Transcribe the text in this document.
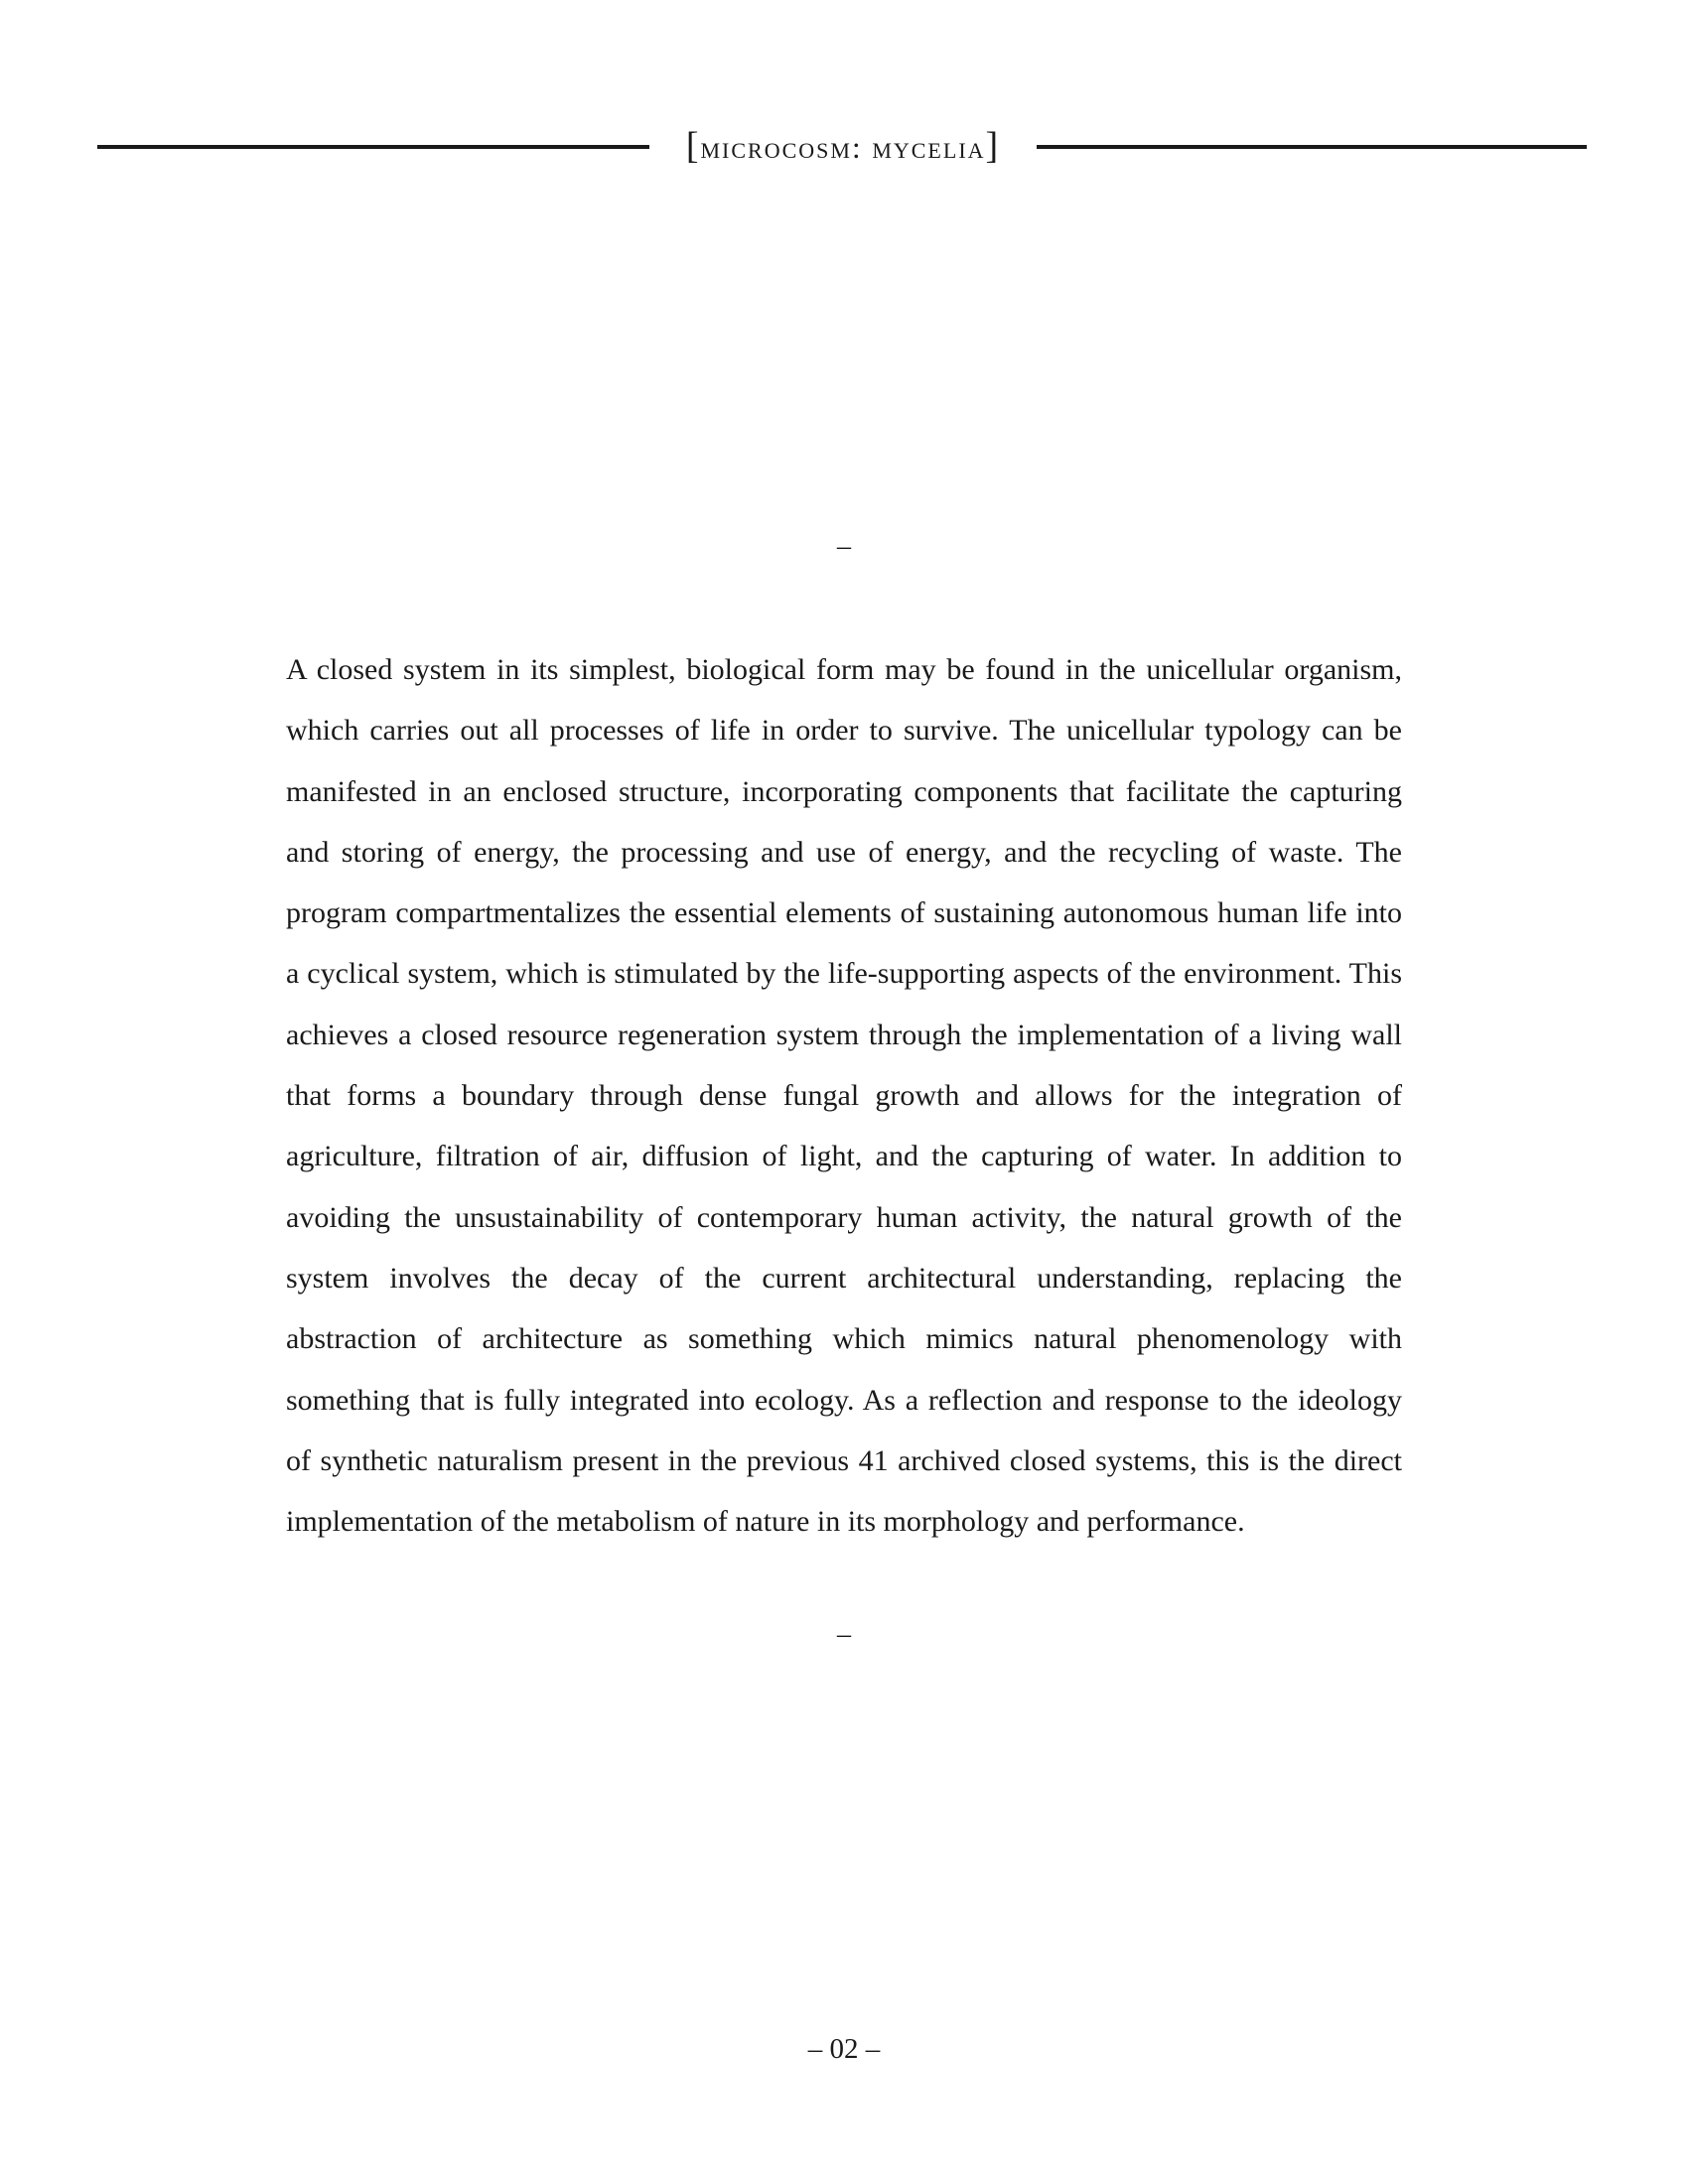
[microcosm: mycelia]
–

A closed system in its simplest, biological form may be found in the unicellular organism, which carries out all processes of life in order to survive. The unicellular typology can be manifested in an enclosed structure, incorporating components that facilitate the capturing and storing of energy, the processing and use of energy, and the recycling of waste. The program compartmentalizes the essential elements of sustaining autonomous human life into a cyclical system, which is stimulated by the life-supporting aspects of the environment. This achieves a closed resource regeneration system through the implementation of a living wall that forms a boundary through dense fungal growth and allows for the integration of agriculture, filtration of air, diffusion of light, and the capturing of water. In addition to avoiding the unsustainability of contemporary human activity, the natural growth of the system involves the decay of the current architectural understanding, replacing the abstraction of architecture as something which mimics natural phenomenology with something that is fully integrated into ecology. As a reflection and response to the ideology of synthetic naturalism present in the previous 41 archived closed systems, this is the direct implementation of the metabolism of nature in its morphology and performance.

–
– 02 –
